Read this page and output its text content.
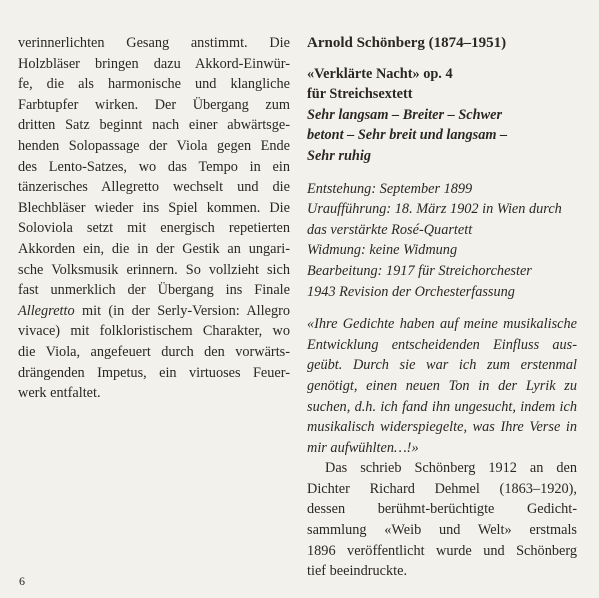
verinnerlichten Gesang anstimmt. Die
Holzbläser bringen dazu Akkord-Einwür-
fe, die als harmonische und klangliche
Farbtupfer wirken. Der Übergang zum
dritten Satz beginnt nach einer abwärtsge-
henden Solopassage der Viola gegen Ende
des Lento-Satzes, wo das Tempo in ein
tänzerisches Allegretto wechselt und die
Blechbläser wieder ins Spiel kommen. Die
Soloviola setzt mit energisch repetierten
Akkorden ein, die in der Gestik an ungari-
sche Volksmusik erinnern. So vollzieht sich
fast unmerklich der Übergang ins Finale
Allegretto mit (in der Serly-Version: Allegro
vivace) mit folkloristischem Charakter, wo
die Viola, angefeuert durch den vorwärts-
drängenden Impetus, ein virtuoses Feuer-
werk entfaltet.

Arnold Schönberg (1874–1951)

«Verklärte Nacht» op. 4

für Streichsextett

Sehr langsam – Breiter – Schwer
betont – Sehr breit und langsam –
Sehr ruhig

Entstehung: September 1899

Uraufführung: 18. März 1902 in Wien durch

das verstärkte Rosé-Quartett

Widmung: keine Widmung

Bearbeitung: 1917 für Streichorchester

1943 Revision der Orchesterfassung

«Ihre Gedichte haben auf meine musikalische
Entwicklung entscheidenden Einfluss aus-
geübt. Durch sie war ich zum erstenmal
genötigt, einen neuen Ton in der Lyrik zu
suchen, d.h. ich fand ihn ungesucht, indem ich
musikalisch widerspiegelte, was Ihre Verse in
mir aufwühlten…!»
Das schrieb Schönberg 1912 an den
Dichter Richard Dehmel (1863–1920),
dessen berühmt-berüchtigte Gedicht-
sammlung «Weib und Welt» erstmals
1896 veröffentlicht wurde und Schönberg
tief beeindruckte.
6
